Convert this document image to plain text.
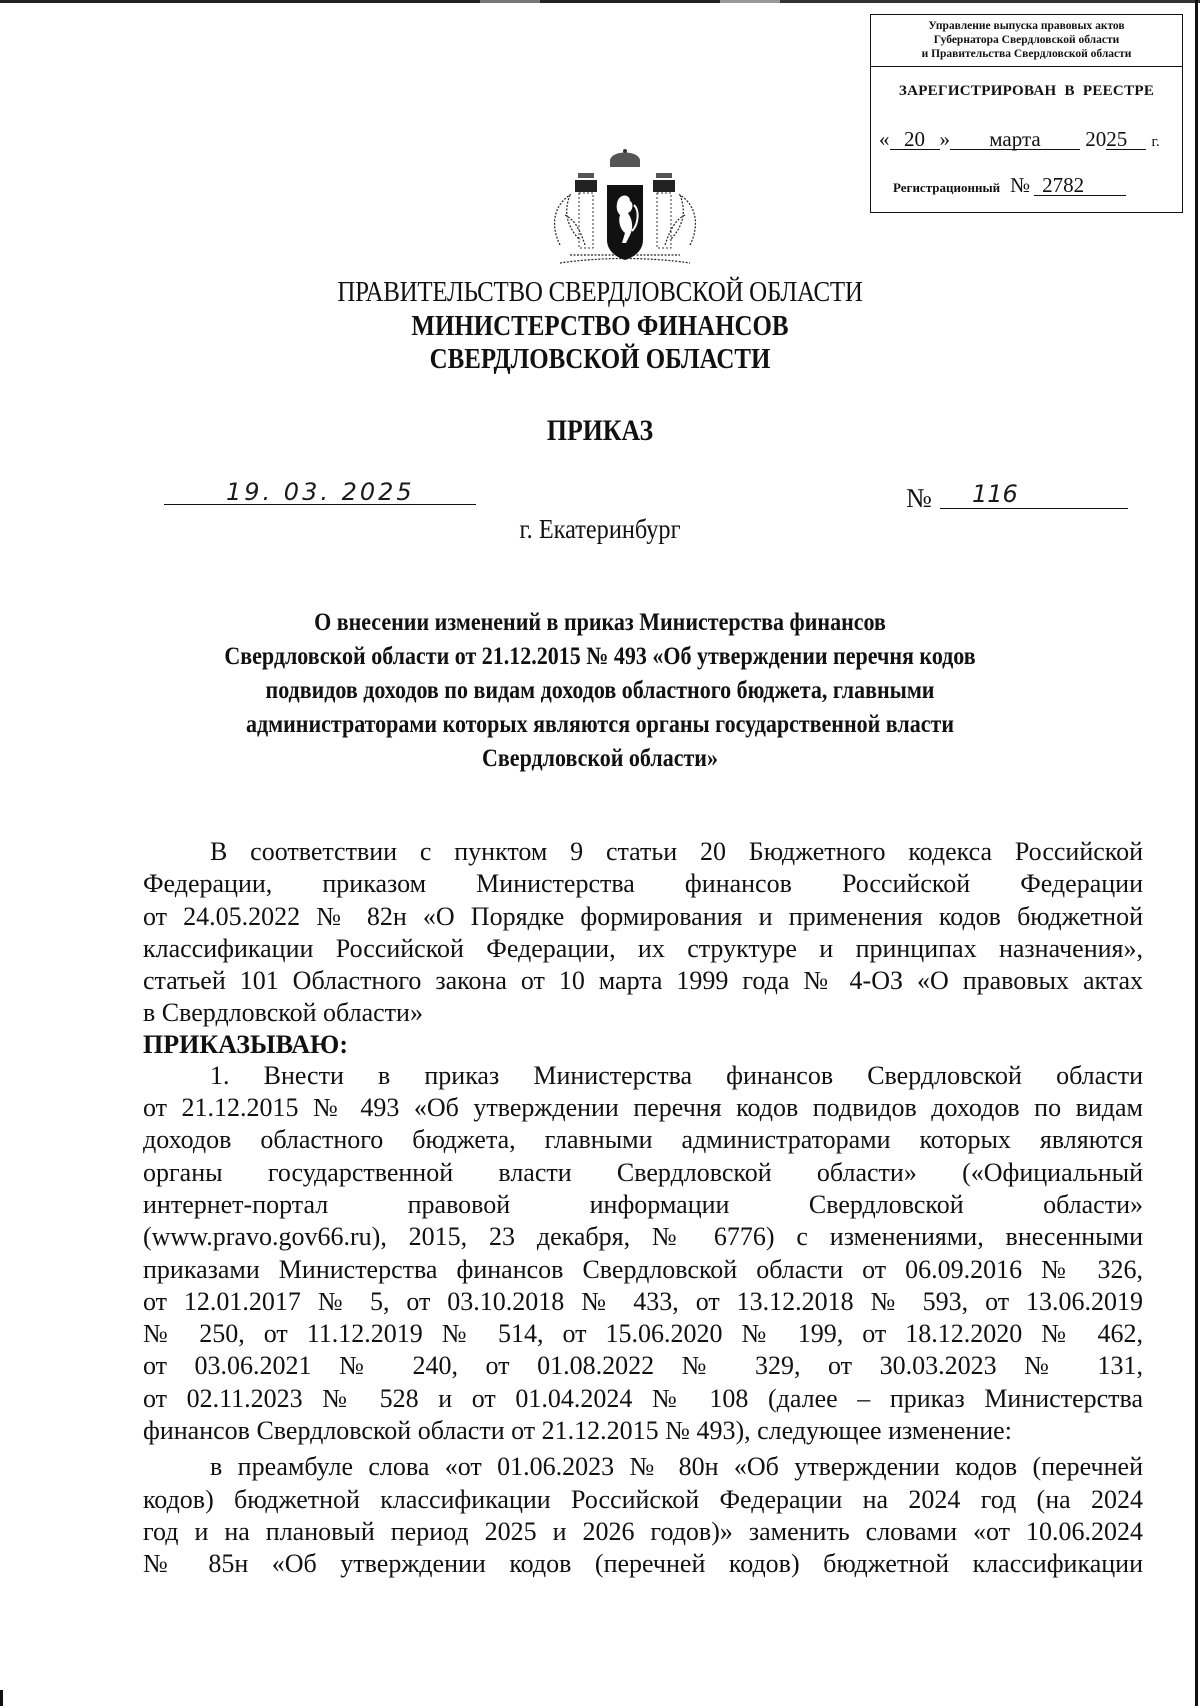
Управление выпуска правовых актов
Губернатора Свердловской области
и Правительства Свердловской области
ЗАРЕГИСТРИРОВАН В РЕЕСТРЕ
« 20 » марта 2025 г.
Регистрационный № 2782
ПРАВИТЕЛЬСТВО СВЕРДЛОВСКОЙ ОБЛАСТИ
МИНИСТЕРСТВО ФИНАНСОВ
СВЕРДЛОВСКОЙ ОБЛАСТИ
ПРИКАЗ
19. 03. 2025	№ 116
г. Екатеринбург
О внесении изменений в приказ Министерства финансов
Свердловской области от 21.12.2015 № 493 «Об утверждении перечня кодов
подвидов доходов по видам доходов областного бюджета, главными
администраторами которых являются органы государственной власти
Свердловской области»
В соответствии с пунктом 9 статьи 20 Бюджетного кодекса Российской
Федерации, приказом Министерства финансов Российской Федерации
от 24.05.2022 № 82н «О Порядке формирования и применения кодов бюджетной
классификации Российской Федерации, их структуре и принципах назначения»,
статьей 101 Областного закона от 10 марта 1999 года № 4-ОЗ «О правовых актах
в Свердловской области»
ПРИКАЗЫВАЮ:
1. Внести в приказ Министерства финансов Свердловской области
от 21.12.2015 № 493 «Об утверждении перечня кодов подвидов доходов по видам
доходов областного бюджета, главными администраторами которых являются
органы государственной власти Свердловской области» («Официальный
интернет-портал правовой информации Свердловской области»
(www.pravo.gov66.ru), 2015, 23 декабря, № 6776) с изменениями, внесенными
приказами Министерства финансов Свердловской области от 06.09.2016 № 326,
от 12.01.2017 № 5, от 03.10.2018 № 433, от 13.12.2018 № 593, от 13.06.2019
№ 250, от 11.12.2019 № 514, от 15.06.2020 № 199, от 18.12.2020 № 462,
от 03.06.2021 № 240, от 01.08.2022 № 329, от 30.03.2023 № 131,
от 02.11.2023 № 528 и от 01.04.2024 № 108 (далее – приказ Министерства
финансов Свердловской области от 21.12.2015 № 493), следующее изменение:
в преамбуле слова «от 01.06.2023 № 80н «Об утверждении кодов (перечней
кодов) бюджетной классификации Российской Федерации на 2024 год (на 2024
год и на плановый период 2025 и 2026 годов)» заменить словами «от 10.06.2024
№ 85н «Об утверждении кодов (перечней кодов) бюджетной классификации
